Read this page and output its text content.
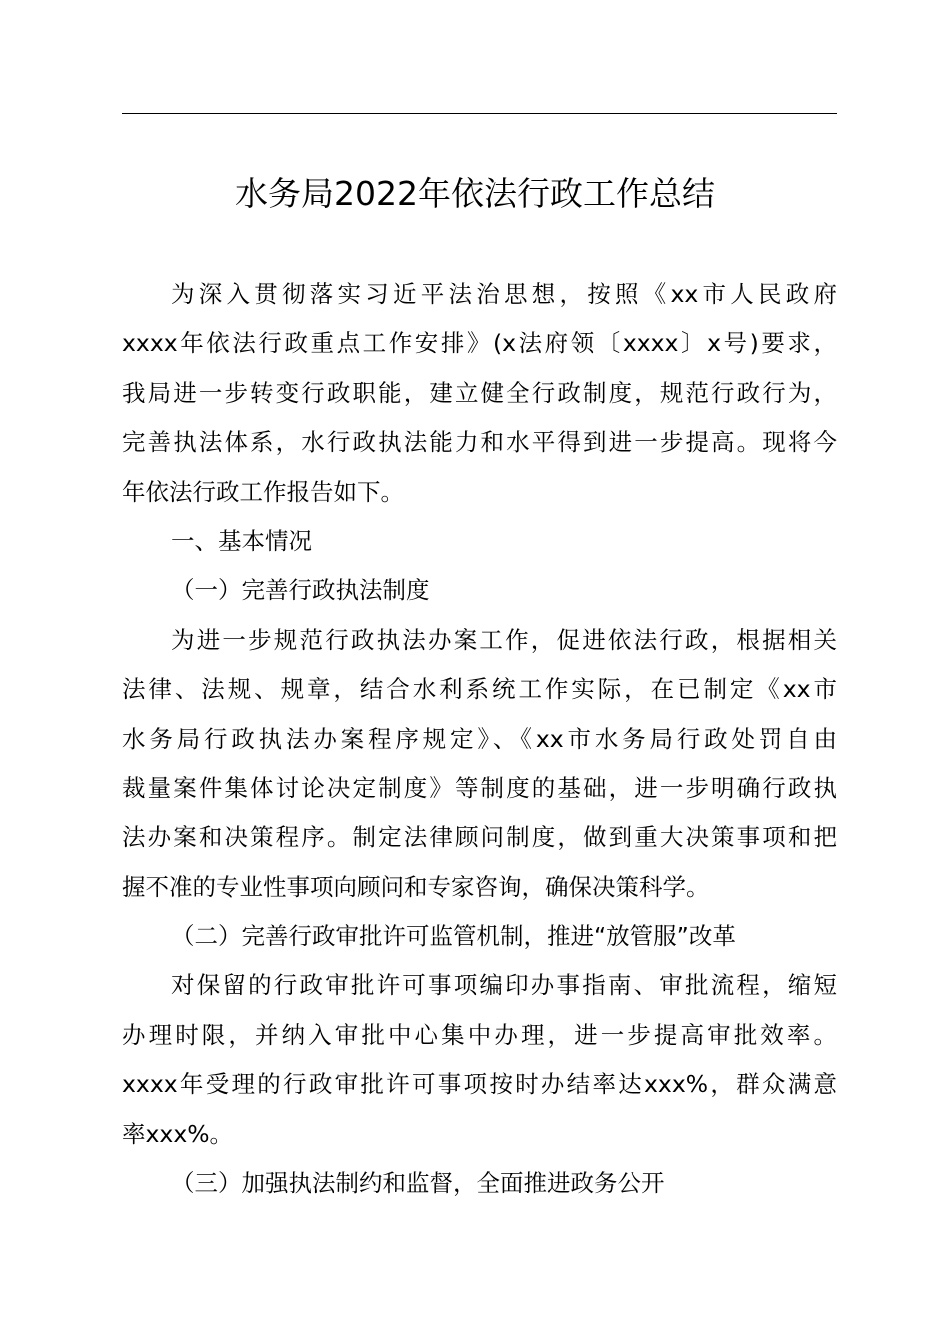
水务局2022年依法行政工作总结
为深入贯彻落实习近平法治思想，按照《xx市人民政府
xxxx年依法行政重点工作安排》(x法府领〔xxxx〕x号)要求，
我局进一步转变行政职能，建立健全行政制度，规范行政行为，
完善执法体系，水行政执法能力和水平得到进一步提高。现将今
年依法行政工作报告如下。
一、基本情况
（一）完善行政执法制度
为进一步规范行政执法办案工作，促进依法行政，根据相关
法律、法规、规章，结合水利系统工作实际，在已制定《xx市
水务局行政执法办案程序规定》、《xx市水务局行政处罚自由
裁量案件集体讨论决定制度》等制度的基础，进一步明确行政执
法办案和决策程序。制定法律顾问制度，做到重大决策事项和把
握不准的专业性事项向顾问和专家咨询，确保决策科学。
（二）完善行政审批许可监管机制，推进“放管服”改革
对保留的行政审批许可事项编印办事指南、审批流程，缩短
办理时限，并纳入审批中心集中办理，进一步提高审批效率。
xxxx年受理的行政审批许可事项按时办结率达xxx%，群众满意
率xxx%。
（三）加强执法制约和监督，全面推进政务公开
